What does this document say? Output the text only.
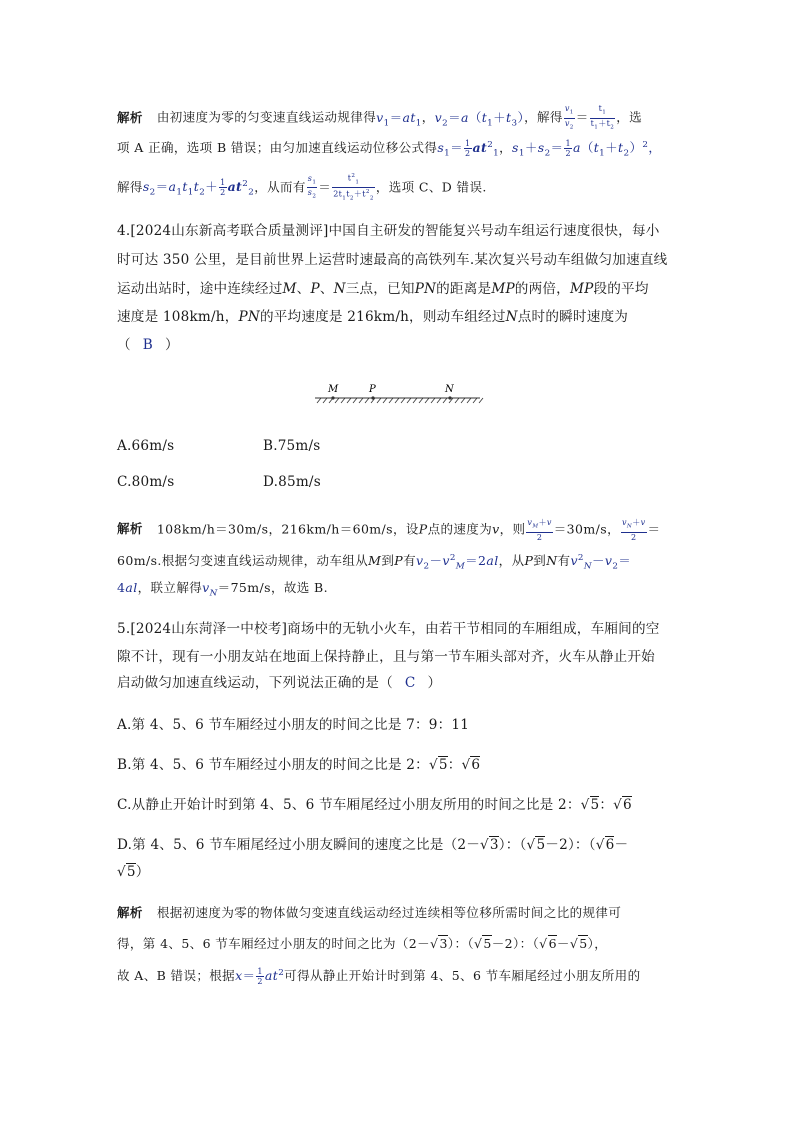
解析 由初速度为零的匀变速直线运动规律得$v_1=at_1$，$v_2=a(t_1+t_3)$，解得 $\frac{v_1}{v_2} = \frac{t_1}{t_1+t_2}$ ，选
项 A 正确，选项 B 错误；由匀加速直线运动位移公式得$s_1= \frac{1}{2} at^2_1$，$s_1+s_2= \frac{1}{2} a(t_1+t_2)^2$，
解得$s_2=a_1t_1t_2+ \frac{1}{2} at^2_2$，从而有 $\frac{s_1}{s_2} = \frac{t^2_1}{2t_1t_2+t^2_2}$ ，选项 C、D 错误.
4.[2024山东新高考联合质量测评]中国自主研发的智能复兴号动车组运行速度很快，每小
时可达 350 公里，是目前世界上运营时速最高的高铁列车.某次复兴号动车组做匀加速直线
运动出站时，途中连续经过M、P、N三点，已知PN的距离是MP的两倍，MP段的平均
速度是 108km/h，PN的平均速度是 216km/h，则动车组经过N点时的瞬时速度为
（ B ）
M	P	N
A.66m/s	B.75m/s
C.80m/s	D.85m/s
解析 108km/h＝30m/s，216km/h＝60m/s，设P点的速度为v，则 $\frac{v_M+v}{2} =30m/s$， $\frac{v_N+v}{2}$ ＝
60m/s.根据匀变速直线运动规律，动车组从M到P有$v_2-v^2_M=2al$，从P到N有$v^2_N-v_2=$
4al，联立解得$v_N=75m/s$，故选 B.
5.[2024山东菏泽一中校考]商场中的无轨小火车，由若干节相同的车厢组成，车厢间的空
隙不计，现有一小朋友站在地面上保持静止，且与第一节车厢头部对齐，火车从静止开始
启动做匀加速直线运动，下列说法正确的是（ C ）
A.第 4、5、6 节车厢经过小朋友的时间之比是 7：9：11
B.第 4、5、6 节车厢经过小朋友的时间之比是 2：√5：√6
C.从静止开始计时到第 4、5、6 节车厢尾经过小朋友所用的时间之比是 2：√5：√6
D.第 4、5、6 节车厢尾经过小朋友瞬间的速度之比是（2－√3）：（√5－2）：（√6－
√5）
解析 根据初速度为零的物体做匀变速直线运动经过连续相等位移所需时间之比的规律可
得，第 4、5、6 节车厢经过小朋友的时间之比为（2－√3）：（√5－2）：（√6－√5），
故 A、B 错误；根据$x= \frac{1}{2} at^2$可得从静止开始计时到第 4、5、6 节车厢尾经过小朋友所用的
